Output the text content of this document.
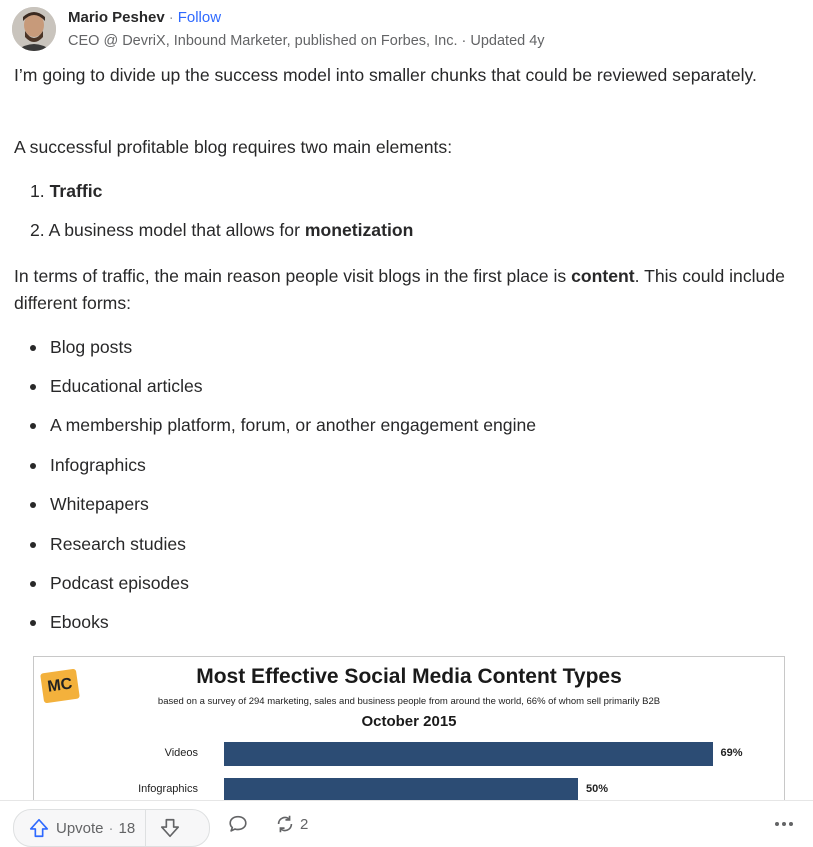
Mario Peshev · Follow
CEO @ DevriX, Inbound Marketer, published on Forbes, Inc. · Updated 4y

I’m going to divide up the success model into smaller chunks that could be reviewed separately.

A successful profitable blog requires two main elements:

1. Traffic
2. A business model that allows for monetization

In terms of traffic, the main reason people visit blogs in the first place is content. This could include different forms:

Blog posts
Educational articles
A membership platform, forum, or another engagement engine
Infographics
Whitepapers
Research studies
Podcast episodes
Ebooks
MC	Most Effective Social Media Content Types
based on a survey of 294 marketing, sales and business people from around the world, 66% of whom sell primarily B2B
October 2015
Videos	69%
Infographics	50%
Upvote · 18	2
